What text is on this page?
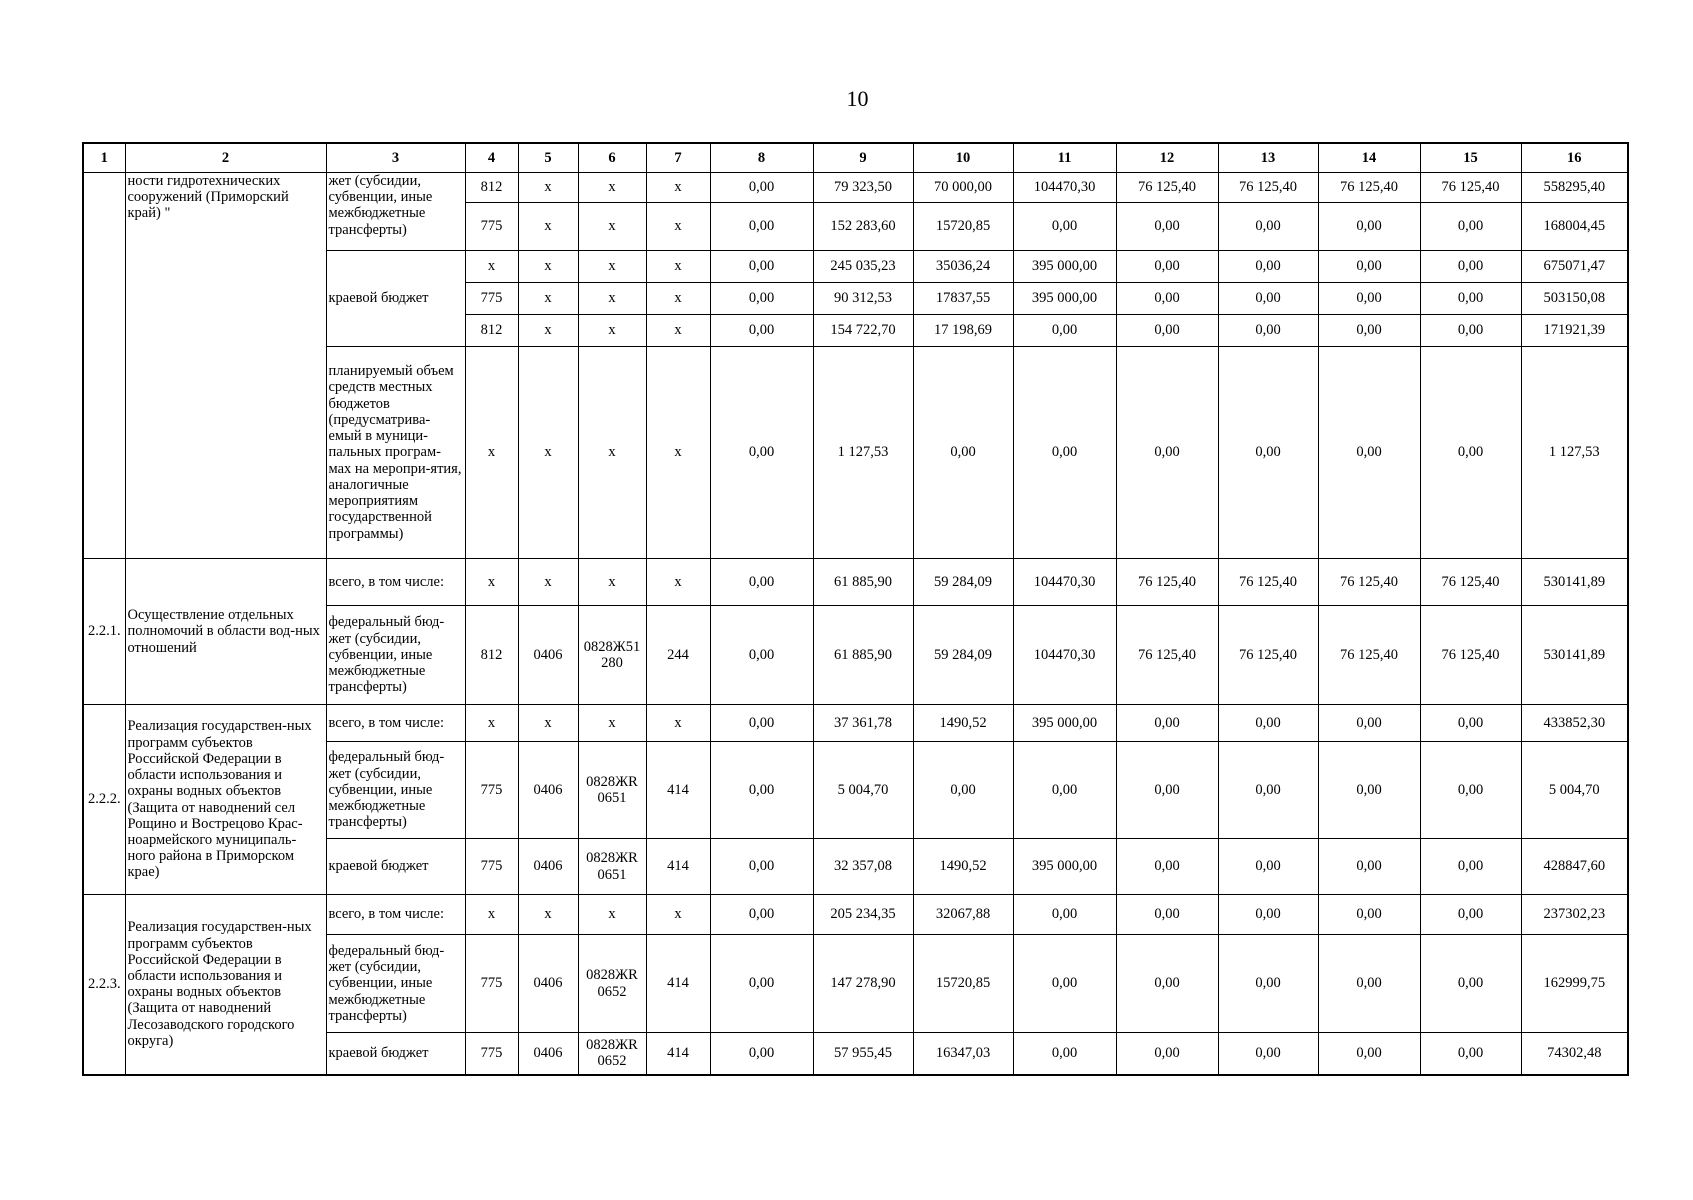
10
1	2	3	4	5	6	7	8	9	10	11	12	13	14	15	16
	ности гидротехнических сооружений (Приморский край) "	жет (субсидии, субвенции, иные межбюджетные трансферты)	812	x	x	x	0,00	79 323,50	70 000,00	104470,30	76 125,40	76 125,40	76 125,40	76 125,40	558295,40
			775	x	x	x	0,00	152 283,60	15720,85	0,00	0,00	0,00	0,00	0,00	168004,45
		краевой бюджет	x	x	x	x	0,00	245 035,23	35036,24	395 000,00	0,00	0,00	0,00	0,00	675071,47
			775	x	x	x	0,00	90 312,53	17837,55	395 000,00	0,00	0,00	0,00	0,00	503150,08
			812	x	x	x	0,00	154 722,70	17 198,69	0,00	0,00	0,00	0,00	0,00	171921,39
		планируемый объем средств местных бюджетов (предусматрива-емый в муници-пальных програм-мах на меропри-ятия, аналогичные мероприятиям государственной программы)	x	x	x	x	0,00	1 127,53	0,00	0,00	0,00	0,00	0,00	0,00	1 127,53
2.2.1.	Осуществление отдельных полномочий в области вод-ных отношений	всего, в том числе:	x	x	x	x	0,00	61 885,90	59 284,09	104470,30	76 125,40	76 125,40	76 125,40	76 125,40	530141,89
		федеральный бюд-жет (субсидии, субвенции, иные межбюджетные трансферты)	812	0406	0828Ж51 280	244	0,00	61 885,90	59 284,09	104470,30	76 125,40	76 125,40	76 125,40	76 125,40	530141,89
2.2.2.	Реализация государствен-ных программ субъектов Российской Федерации в области использования и охраны водных объектов (Защита от наводнений сел Рощино и Вострецово Крас-ноармейского муниципаль-ного района в Приморском крае)	всего, в том числе:	x	x	x	x	0,00	37 361,78	1490,52	395 000,00	0,00	0,00	0,00	0,00	433852,30
		федеральный бюд-жет (субсидии, субвенции, иные межбюджетные трансферты)	775	0406	0828ЖR 0651	414	0,00	5 004,70	0,00	0,00	0,00	0,00	0,00	0,00	5 004,70
		краевой бюджет	775	0406	0828ЖR 0651	414	0,00	32 357,08	1490,52	395 000,00	0,00	0,00	0,00	0,00	428847,60
2.2.3.	Реализация государствен-ных программ субъектов Российской Федерации в области использования и охраны водных объектов (Защита от наводнений Лесозаводского городского округа)	всего, в том числе:	x	x	x	x	0,00	205 234,35	32067,88	0,00	0,00	0,00	0,00	0,00	237302,23
		федеральный бюд-жет (субсидии, субвенции, иные межбюджетные трансферты)	775	0406	0828ЖR 0652	414	0,00	147 278,90	15720,85	0,00	0,00	0,00	0,00	0,00	162999,75
		краевой бюджет	775	0406	0828ЖR 0652	414	0,00	57 955,45	16347,03	0,00	0,00	0,00	0,00	0,00	74302,48
